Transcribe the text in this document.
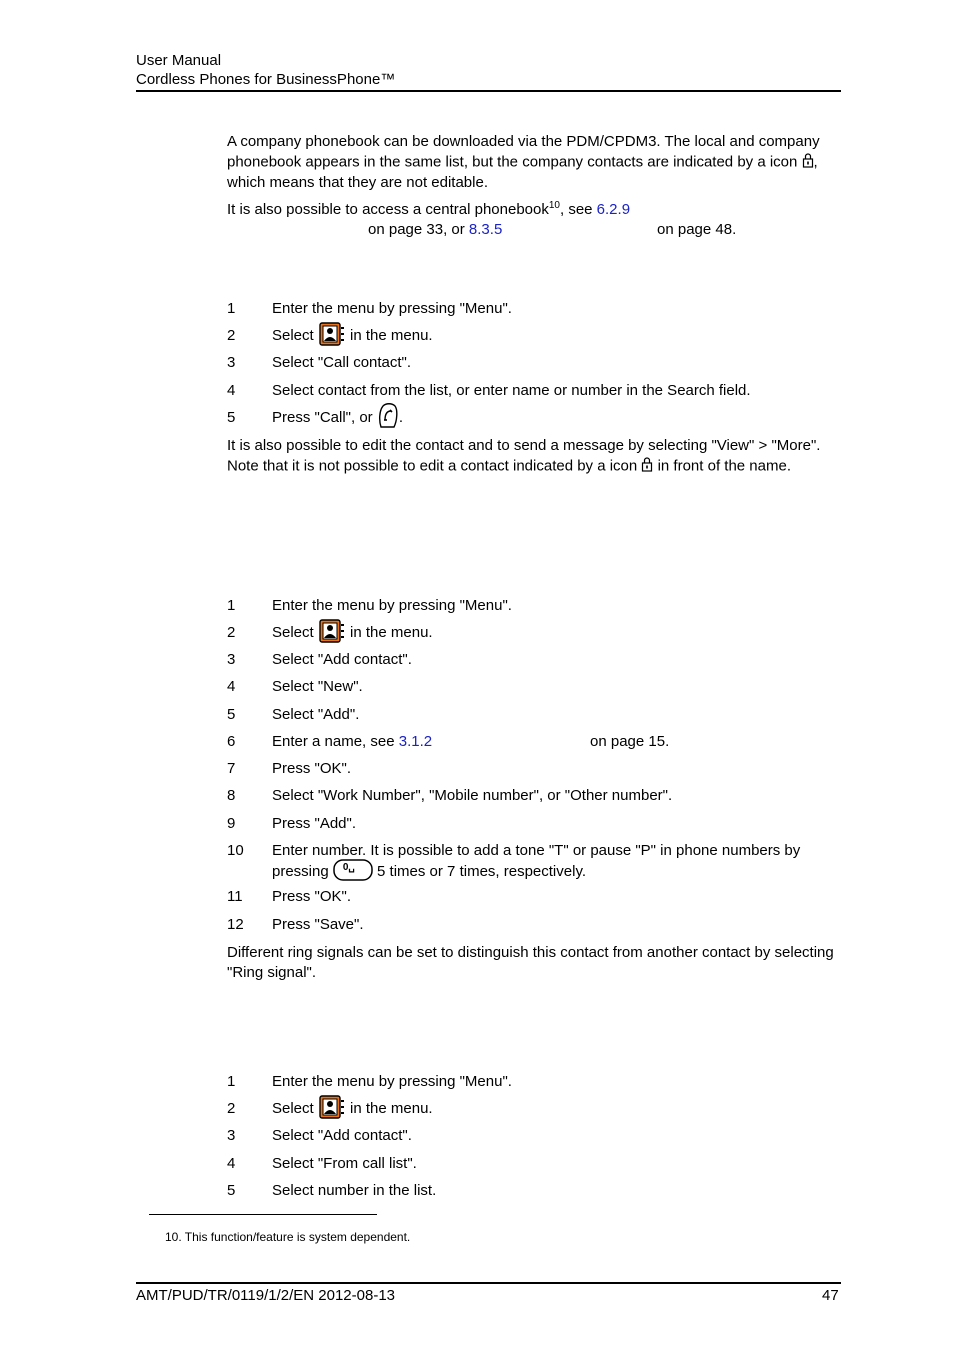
User Manual
Cordless Phones for BusinessPhone™
A company phonebook can be downloaded via the PDM/CPDM3. The local and company phonebook appears in the same list, but the company contacts are indicated by a icon , which means that they are not editable.
It is also possible to access a central phonebook$^{10}$, see 6.2.9
on page 33, or 8.3.5	on page 48.
1 Enter the menu by pressing "Menu".
2 Select  in the menu.
3 Select "Call contact".
4 Select contact from the list, or enter name or number in the Search field.
5 Press "Call", or .
It is also possible to edit the contact and to send a message by selecting "View" > "More". Note that it is not possible to edit a contact indicated by a icon  in front of the name.
1 Enter the menu by pressing "Menu".
2 Select  in the menu.
3 Select "Add contact".
4 Select "New".
5 Select "Add".
6 Enter a name, see 3.1.2	on page 15.
7 Press "OK".
8 Select "Work Number", "Mobile number", or "Other number".
9 Press "Add".
10 Enter number. It is possible to add a tone "T" or pause "P" in phone numbers by
pressing 0␣ 5 times or 7 times, respectively.
11 Press "OK".
12 Press "Save".
Different ring signals can be set to distinguish this contact from another contact by selecting "Ring signal".
1 Enter the menu by pressing "Menu".
2 Select  in the menu.
3 Select "Add contact".
4 Select "From call list".
5 Select number in the list.
10. This function/feature is system dependent.
AMT/PUD/TR/0119/1/2/EN 2012-08-13	47
